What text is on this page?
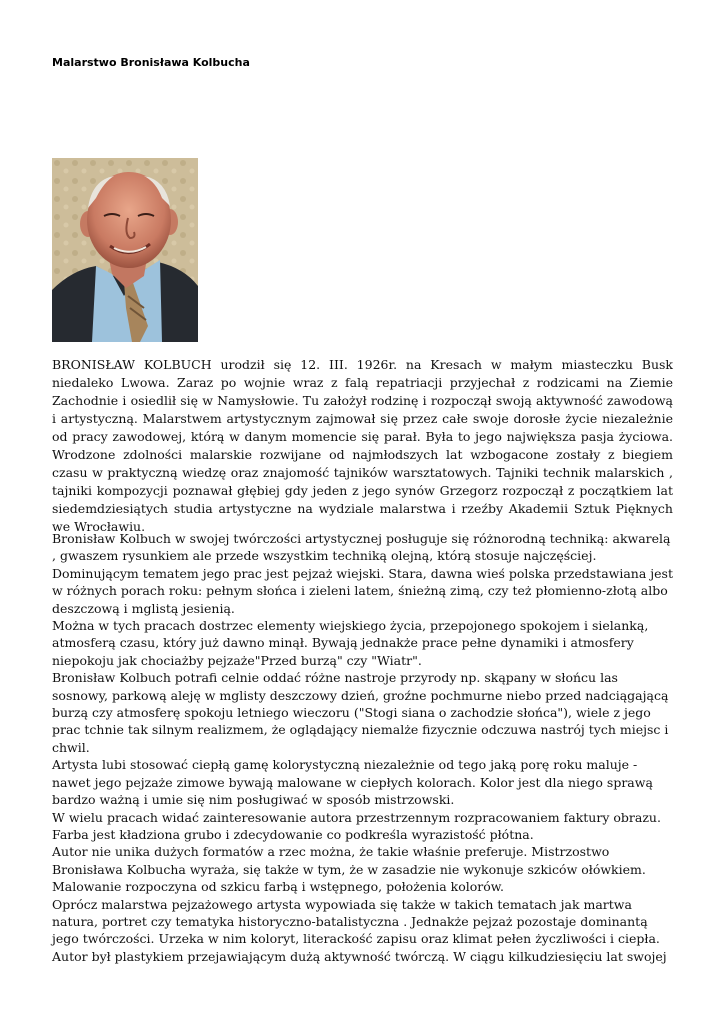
Malarstwo Bronisława Kolbucha

BRONISŁAW KOLBUCH urodził się 12. III. 1926r. na Kresach w małym miasteczku Busk niedaleko Lwowa. Zaraz po wojnie wraz z falą repatriacji przyjechał z rodzicami na Ziemie Zachodnie i osiedlił się w Namysłowie. Tu założył rodzinę i rozpoczął swoją aktywność zawodową i artystyczną. Malarstwem artystycznym zajmował się przez całe swoje dorosłe życie niezależnie od pracy zawodowej, którą w danym momencie się parał. Była to jego największa pasja życiowa. Wrodzone zdolności malarskie rozwijane od najmłodszych lat wzbogacone zostały z biegiem czasu w praktyczną wiedzę oraz znajomość tajników warsztatowych. Tajniki technik malarskich , tajniki kompozycji poznawał głębiej gdy jeden z jego synów Grzegorz rozpoczął z początkiem lat siedemdziesiątych studia artystyczne na wydziale malarstwa i rzeźby Akademii Sztuk Pięknych we Wrocławiu.

Bronisław Kolbuch w swojej twórczości artystycznej posługuje się różnorodną techniką: akwarelą , gwaszem rysunkiem ale przede wszystkim techniką olejną, którą stosuje najczęściej.

Dominującym tematem jego prac jest pejzaż wiejski. Stara, dawna wieś polska przedstawiana jest w różnych porach roku: pełnym słońca i zieleni latem, śnieżną zimą, czy też płomienno-złotą albo deszczową i mglistą jesienią.

Można w tych pracach dostrzec elementy wiejskiego życia, przepojonego spokojem i sielanką, atmosferą czasu, który już dawno minął. Bywają jednakże prace pełne dynamiki i atmosfery niepokoju jak chociażby pejzaże"Przed burzą" czy "Wiatr".

Bronisław Kolbuch potrafi celnie oddać różne nastroje przyrody np. skąpany w słońcu las sosnowy, parkową aleję w mglisty deszczowy dzień, groźne pochmurne niebo przed nadciągającą burzą czy atmosferę spokoju letniego wieczoru ("Stogi siana o zachodzie słońca"), wiele z jego prac tchnie tak silnym realizmem, że oglądający niemalże fizycznie odczuwa nastrój tych miejsc i chwil.

Artysta lubi stosować ciepłą gamę kolorystyczną niezależnie od tego jaką porę roku maluje - nawet jego pejzaże zimowe bywają malowane w ciepłych kolorach. Kolor jest dla niego sprawą bardzo ważną i umie się nim posługiwać w sposób mistrzowski.

W wielu pracach widać zainteresowanie autora przestrzennym rozpracowaniem faktury obrazu. Farba jest kładziona grubo i zdecydowanie co podkreśla wyrazistość płótna.

Autor nie unika dużych formatów a rzec można, że takie właśnie preferuje. Mistrzostwo Bronisława Kolbucha wyraża, się także w tym, że w zasadzie nie wykonuje szkiców ołówkiem. Malowanie rozpoczyna od szkicu farbą i wstępnego, położenia kolorów.

Oprócz malarstwa pejzażowego artysta wypowiada się także w takich tematach jak martwa natura, portret czy tematyka historyczno-batalistyczna . Jednakże pejzaż pozostaje dominantą jego twórczości. Urzeka w nim koloryt, literackość zapisu oraz klimat pełen życzliwości i ciepła.

Autor był plastykiem przejawiającym dużą aktywność twórczą. W ciągu kilkudziesięciu lat swojej
